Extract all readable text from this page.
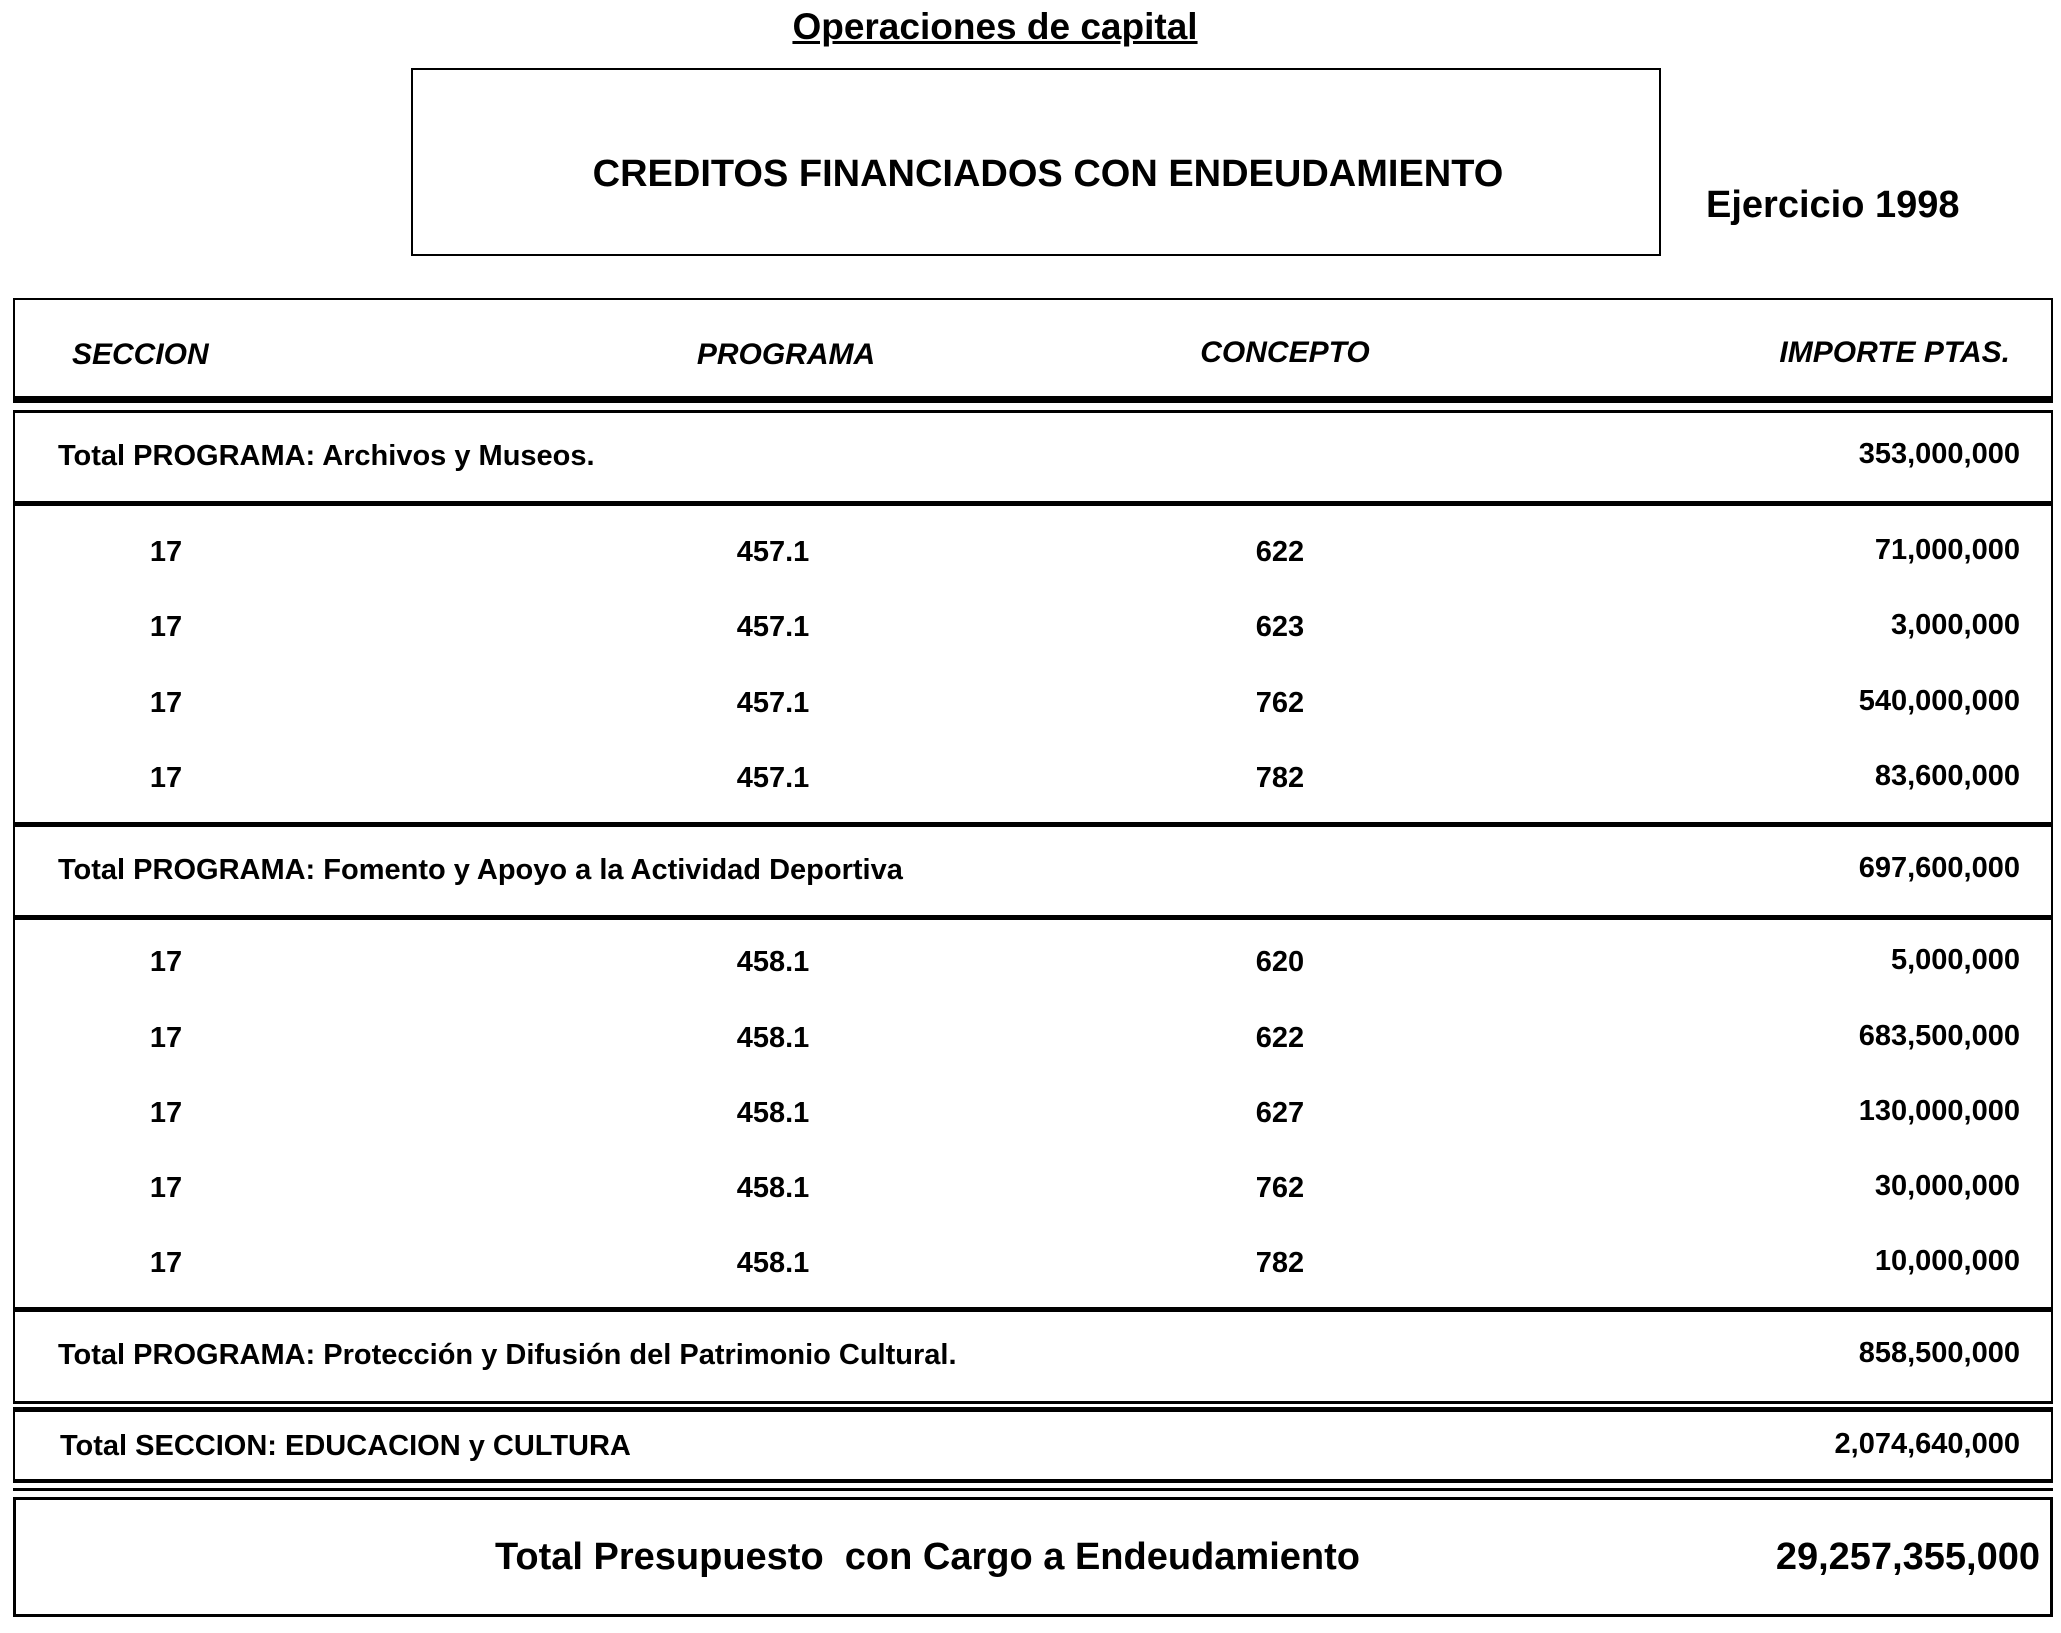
Operaciones de capital
CREDITOS FINANCIADOS CON ENDEUDAMIENTO
Ejercicio 1998
SECCION	PROGRAMA	CONCEPTO	IMPORTE PTAS.
Total PROGRAMA: Archivos y Museos.	353,000,000
17	457.1	622	71,000,000
17	457.1	623	3,000,000
17	457.1	762	540,000,000
17	457.1	782	83,600,000
Total PROGRAMA: Fomento y Apoyo a la Actividad Deportiva	697,600,000
17	458.1	620	5,000,000
17	458.1	622	683,500,000
17	458.1	627	130,000,000
17	458.1	762	30,000,000
17	458.1	782	10,000,000
Total PROGRAMA: Protección y Difusión del Patrimonio Cultural.	858,500,000
Total SECCION: EDUCACION y CULTURA	2,074,640,000
Total Presupuesto  con Cargo a Endeudamiento	29,257,355,000
